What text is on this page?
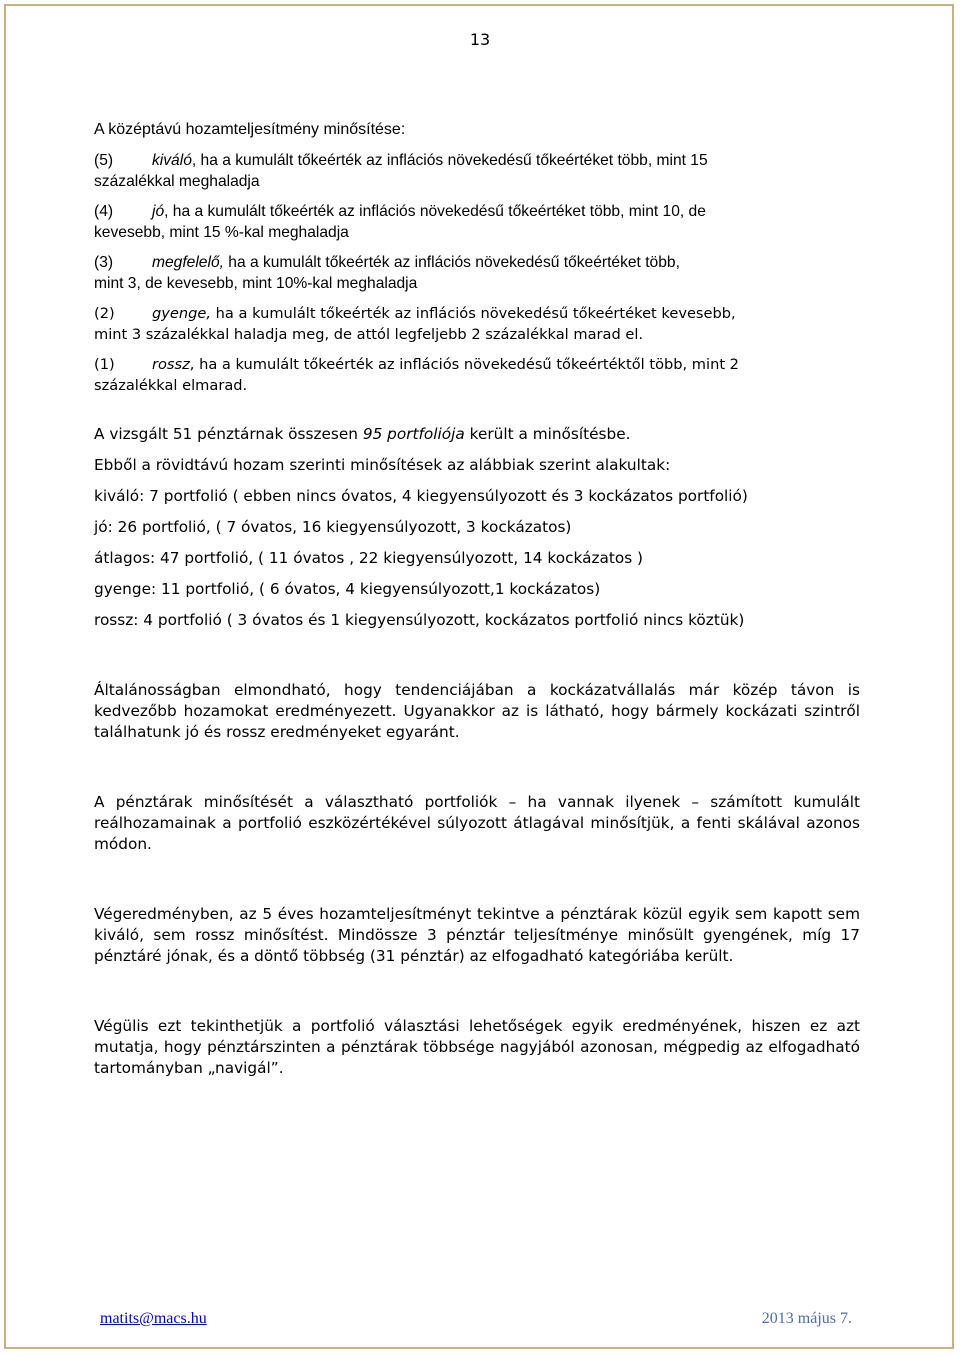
13

A középtávú hozamteljesítmény minősítése:

(5) kiváló, ha a kumulált tőkeérték az inflációs növekedésű tőkeértéket több, mint 15
százalékkal meghaladja
(4) jó, ha a kumulált tőkeérték az inflációs növekedésű tőkeértéket több, mint 10, de
kevesebb, mint 15 %-kal meghaladja
(3) megfelelő, ha a kumulált tőkeérték az inflációs növekedésű tőkeértéket több,
mint 3, de kevesebb, mint 10%-kal meghaladja
(2)	gyenge, ha a kumulált tőkeérték az inflációs növekedésű tőkeértéket kevesebb,
mint 3 százalékkal haladja meg, de attól legfeljebb 2 százalékkal marad el.
(1)	rossz, ha a kumulált tőkeérték az inflációs növekedésű tőkeértéktől több, mint 2
százalékkal elmarad.

A vizsgált 51 pénztárnak összesen 95 portfoliója került a minősítésbe.

Ebből a rövidtávú hozam szerinti minősítések az alábbiak szerint alakultak:

kiváló: 7 portfolió ( ebben nincs óvatos, 4 kiegyensúlyozott és 3 kockázatos portfolió)

jó: 26 portfolió, ( 7 óvatos, 16 kiegyensúlyozott, 3 kockázatos)

átlagos: 47 portfolió, ( 11 óvatos , 22 kiegyensúlyozott, 14 kockázatos )

gyenge: 11 portfolió, ( 6 óvatos, 4 kiegyensúlyozott,1 kockázatos)

rossz: 4 portfolió ( 3 óvatos és 1 kiegyensúlyozott, kockázatos portfolió nincs köztük)

Általánosságban elmondható, hogy tendenciájában a kockázatvállalás már közép távon is kedvezőbb hozamokat eredményezett. Ugyanakkor az is látható, hogy bármely kockázati szintről találhatunk jó és rossz eredményeket egyaránt.

A pénztárak minősítését a választható portfoliók – ha vannak ilyenek – számított kumulált reálhozamainak a portfolió eszközértékével súlyozott átlagával minősítjük, a fenti skálával azonos módon.

Végeredményben, az 5 éves hozamteljesítményt tekintve a pénztárak közül egyik sem kapott sem kiváló, sem rossz minősítést. Mindössze 3 pénztár teljesítménye minősült gyengének, míg 17 pénztáré jónak, és a döntő többség (31 pénztár) az elfogadható kategóriába került.

Végülis ezt tekinthetjük a portfolió választási lehetőségek egyik eredményének, hiszen ez azt mutatja, hogy pénztárszinten a pénztárak többsége nagyjából azonosan, mégpedig az elfogadható tartományban „navigál”.

matits@macs.hu	2013 május 7.
